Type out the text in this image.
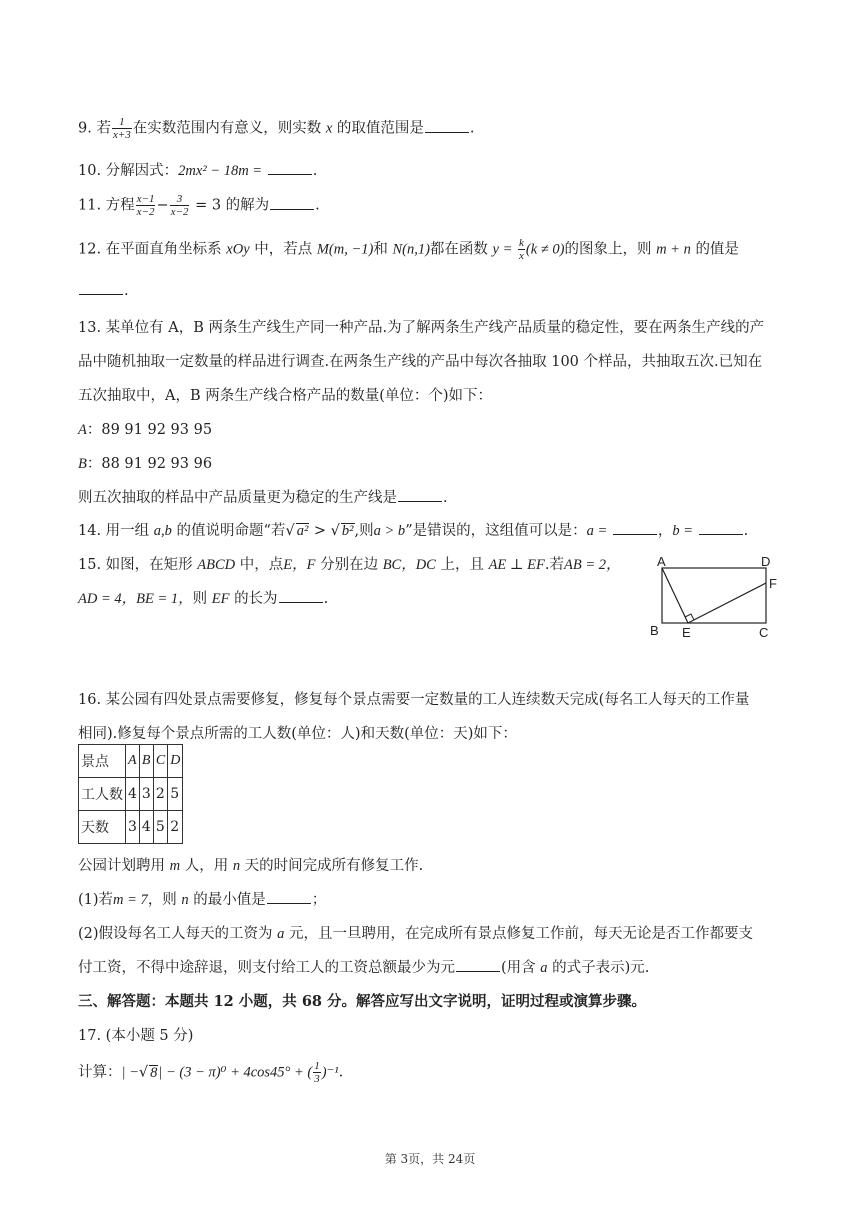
9. 若 $\frac{1}{x+3}$ 在实数范围内有意义，则实数 x 的取值范围是	.
10. 分解因式：2mx² − 18m =	.
11. 方程 $\frac{x-1}{x-2} - \frac{3}{x-2} = 3$ 的解为	.
12. 在平面直角坐标系 xOy 中，若点 M(m, −1)和 N(n,1)都在函数 $y = \frac{k}{x} (k \ne 0)$的图象上，则 m + n 的值是
.
13. 某单位有 A，B 两条生产线生产同一种产品.为了解两条生产线产品质量的稳定性，要在两条生产线的产
品中随机抽取一定数量的样品进行调查.在两条生产线的产品中每次各抽取 100 个样品，共抽取五次.已知在
五次抽取中，A，B 两条生产线合格产品的数量(单位：个)如下：
A：89 91 92 93 95
B：88 91 92 93 96
则五次抽取的样品中产品质量更为稳定的生产线是	.
14. 用一组 a,b 的值说明命题“若√ a² > √ b²,则a > b”是错误的，这组值可以是：a =	，b =	.
15. 如图，在矩形 ABCD 中，点E，F 分别在边 BC，DC 上，且 AE ⊥ EF.若AB = 2，
AD = 4，BE = 1，则 EF 的长为	.
A	D
F
B E	C
16. 某公园有四处景点需要修复，修复每个景点需要一定数量的工人连续数天完成(每名工人每天的工作量
相同).修复每个景点所需的工人数(单位：人)和天数(单位：天)如下：
景点	A	B	C	D
工人数	4	3	2	5
天数	3	4	5	2
公园计划聘用 m 人，用 n 天的时间完成所有修复工作.
(1)若m = 7，则 n 的最小值是	；
(2)假设每名工人每天的工资为 a 元，且一旦聘用，在完成所有景点修复工作前，每天无论是否工作都要支
付工资，不得中途辞退，则支付给工人的工资总额最少为元	(用含 a 的式子表示)元.
三、解答题：本题共 12 小题，共 68 分。解答应写出文字说明，证明过程或演算步骤。
17. (本小题 5 分)
计算：| −√ 8| − (3 − π)⁰ + 4cos45° + ( $\frac{1}{3} )^{-1}$.
第 3页，共 24页
